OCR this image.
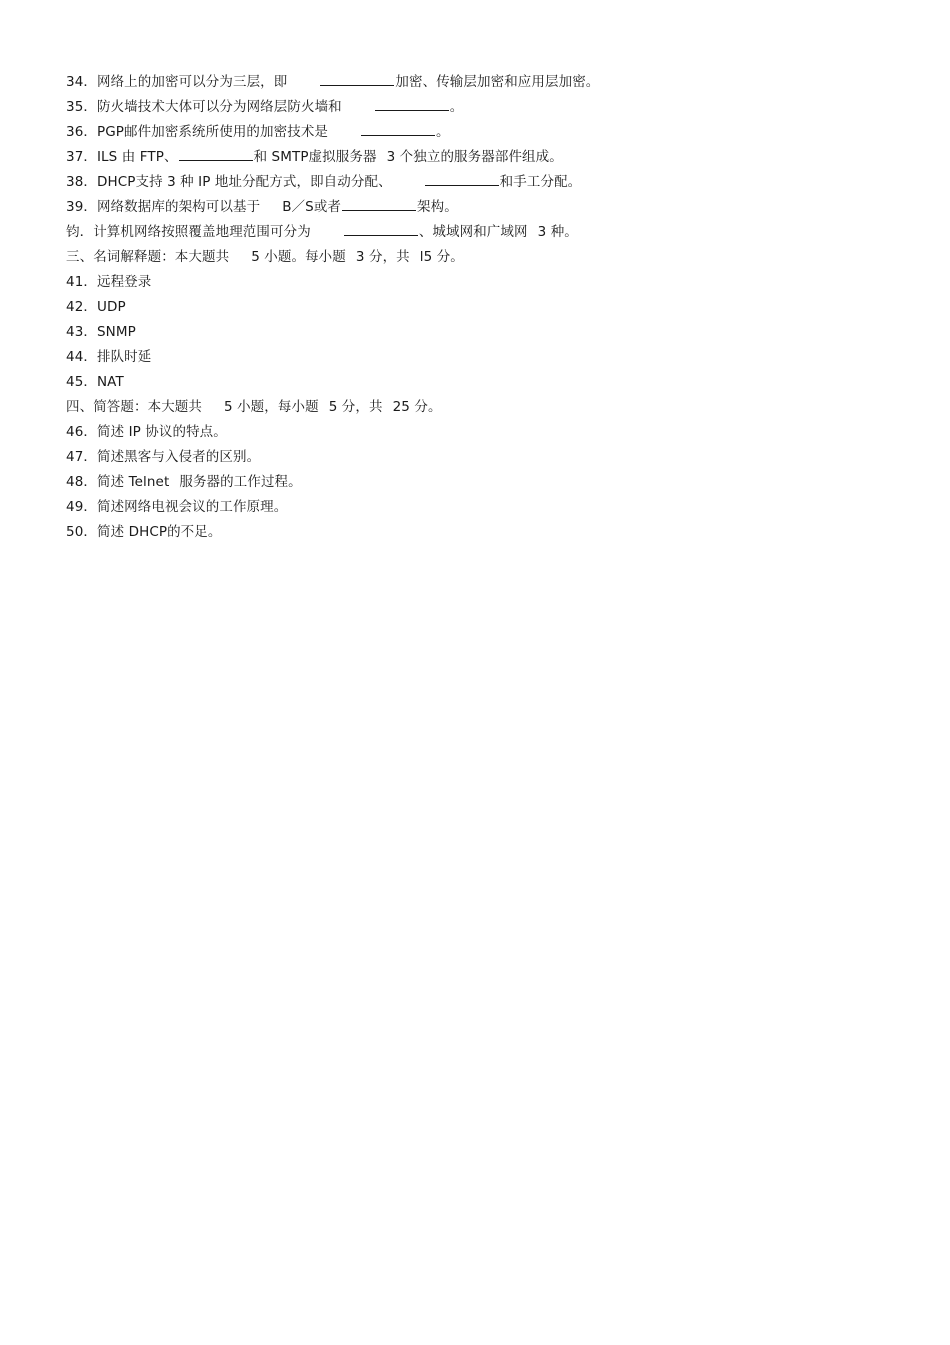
34．网络上的加密可以分为三层，即	加密、传输层加密和应用层加密。
35．防火墙技术大体可以分为网络层防火墙和	。
36．PGP邮件加密系统所使用的加密技术是	。
37．ILS 由 FTP、	和 SMTP虚拟服务器 3 个独立的服务器部件组成。
38．DHCP支持 3 种 IP 地址分配方式，即自动分配、	和手工分配。
39．网络数据库的架构可以基于 B／S或者	架构。
钧．计算机网络按照覆盖地理范围可分为	、城域网和广域网 3 种。
三、名词解释题：本大题共 5 小题。每小题 3 分，共 l5 分。
41．远程登录
42．UDP
43．SNMP
44．排队时延
45．NAT
四、简答题：本大题共 5 小题，每小题 5 分，共 25 分。
46．简述 IP 协议的特点。
47．简述黑客与入侵者的区别。
48．简述 Telnet 服务器的工作过程。
49．简述网络电视会议的工作原理。
50．简述 DHCP的不足。
